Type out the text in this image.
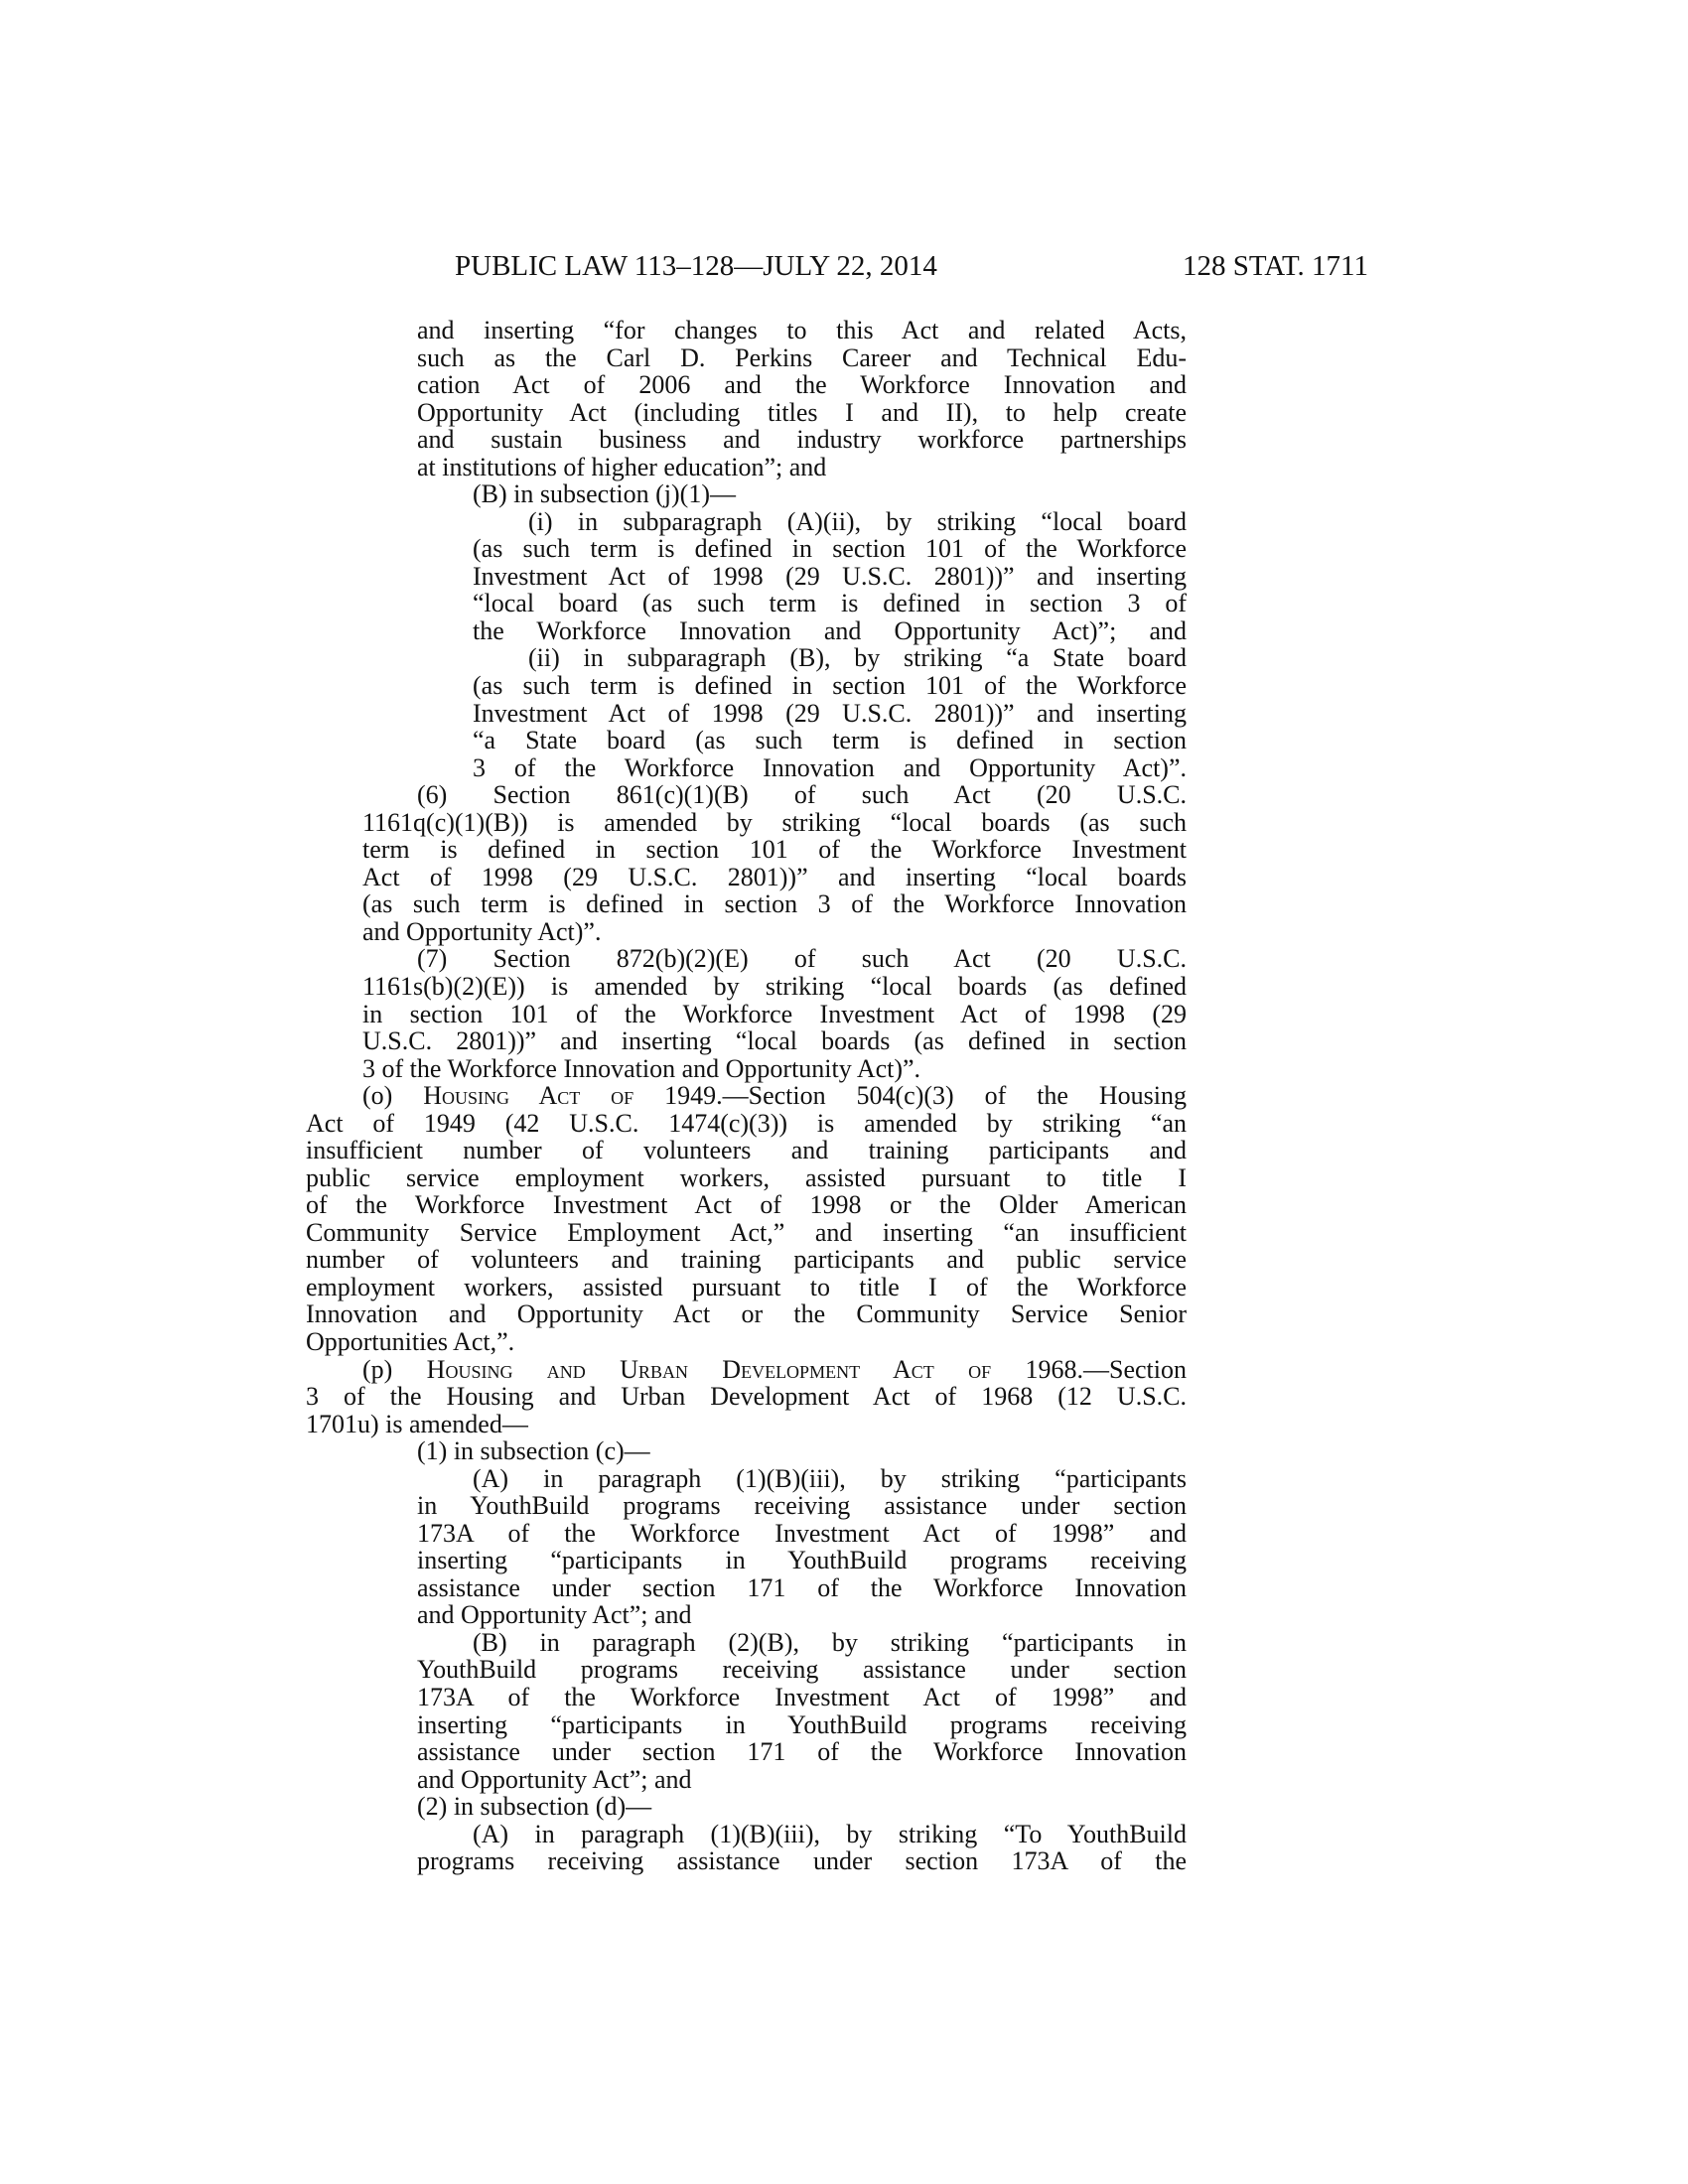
PUBLIC LAW 113–128—JULY 22, 2014	128 STAT. 1711
and inserting “for changes to this Act and related Acts,
such as the Carl D. Perkins Career and Technical Edu-
cation Act of 2006 and the Workforce Innovation and
Opportunity Act (including titles I and II), to help create
and sustain business and industry workforce partnerships
at institutions of higher education”; and
(B) in subsection (j)(1)—
(i) in subparagraph (A)(ii), by striking “local board
(as such term is defined in section 101 of the Workforce
Investment Act of 1998 (29 U.S.C. 2801))” and inserting
“local board (as such term is defined in section 3 of
the Workforce Innovation and Opportunity Act)”; and
(ii) in subparagraph (B), by striking “a State board
(as such term is defined in section 101 of the Workforce
Investment Act of 1998 (29 U.S.C. 2801))” and inserting
“a State board (as such term is defined in section
3 of the Workforce Innovation and Opportunity Act)”.
(6) Section 861(c)(1)(B) of such Act (20 U.S.C.
1161q(c)(1)(B)) is amended by striking “local boards (as such
term is defined in section 101 of the Workforce Investment
Act of 1998 (29 U.S.C. 2801))” and inserting “local boards
(as such term is defined in section 3 of the Workforce Innovation
and Opportunity Act)”.
(7) Section 872(b)(2)(E) of such Act (20 U.S.C.
1161s(b)(2)(E)) is amended by striking “local boards (as defined
in section 101 of the Workforce Investment Act of 1998 (29
U.S.C. 2801))” and inserting “local boards (as defined in section
3 of the Workforce Innovation and Opportunity Act)”.
(o) Housing Act of 1949.—Section 504(c)(3) of the Housing
Act of 1949 (42 U.S.C. 1474(c)(3)) is amended by striking “an
insufficient number of volunteers and training participants and
public service employment workers, assisted pursuant to title I
of the Workforce Investment Act of 1998 or the Older American
Community Service Employment Act,” and inserting “an insufficient
number of volunteers and training participants and public service
employment workers, assisted pursuant to title I of the Workforce
Innovation and Opportunity Act or the Community Service Senior
Opportunities Act,”.
(p) Housing and Urban Development Act of 1968.—Section
3 of the Housing and Urban Development Act of 1968 (12 U.S.C.
1701u) is amended—
(1) in subsection (c)—
(A) in paragraph (1)(B)(iii), by striking “participants
in YouthBuild programs receiving assistance under section
173A of the Workforce Investment Act of 1998” and
inserting “participants in YouthBuild programs receiving
assistance under section 171 of the Workforce Innovation
and Opportunity Act”; and
(B) in paragraph (2)(B), by striking “participants in
YouthBuild programs receiving assistance under section
173A of the Workforce Investment Act of 1998” and
inserting “participants in YouthBuild programs receiving
assistance under section 171 of the Workforce Innovation
and Opportunity Act”; and
(2) in subsection (d)—
(A) in paragraph (1)(B)(iii), by striking “To YouthBuild
programs receiving assistance under section 173A of the
